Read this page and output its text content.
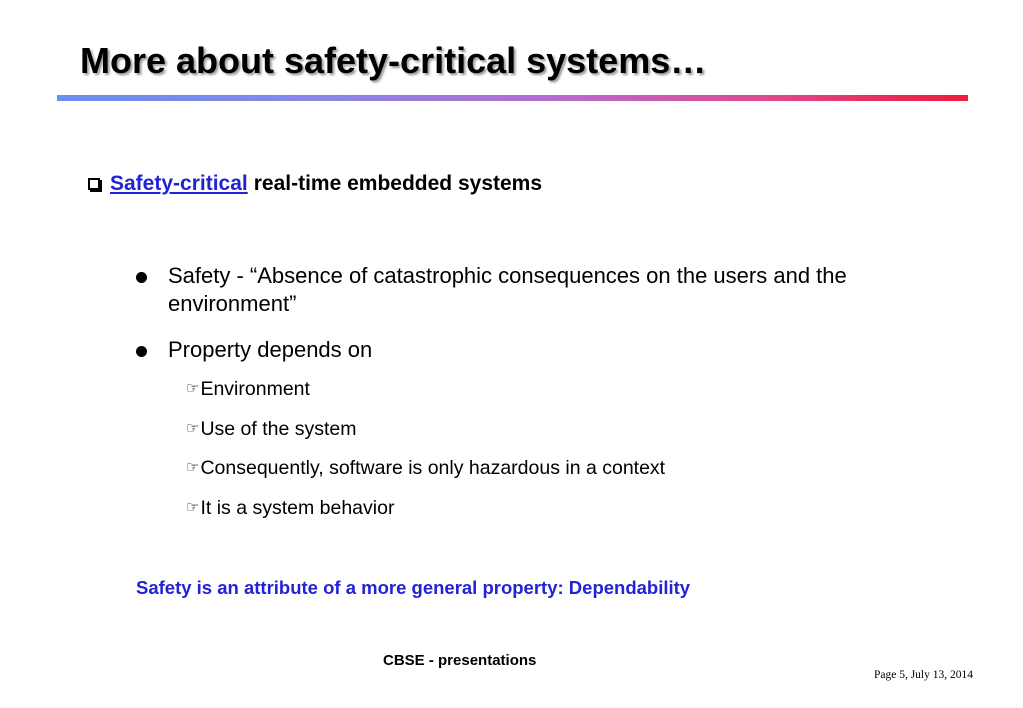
More about safety-critical systems…
Safety-critical real-time embedded systems
Safety - “Absence of catastrophic consequences on the users and the environment”
Property depends on
☞Environment
☞Use of the system
☞Consequently, software is only hazardous in a context
☞It is a system behavior
Safety is an attribute of a more general property: Dependability
CBSE - presentations
Page 5, July 13, 2014
